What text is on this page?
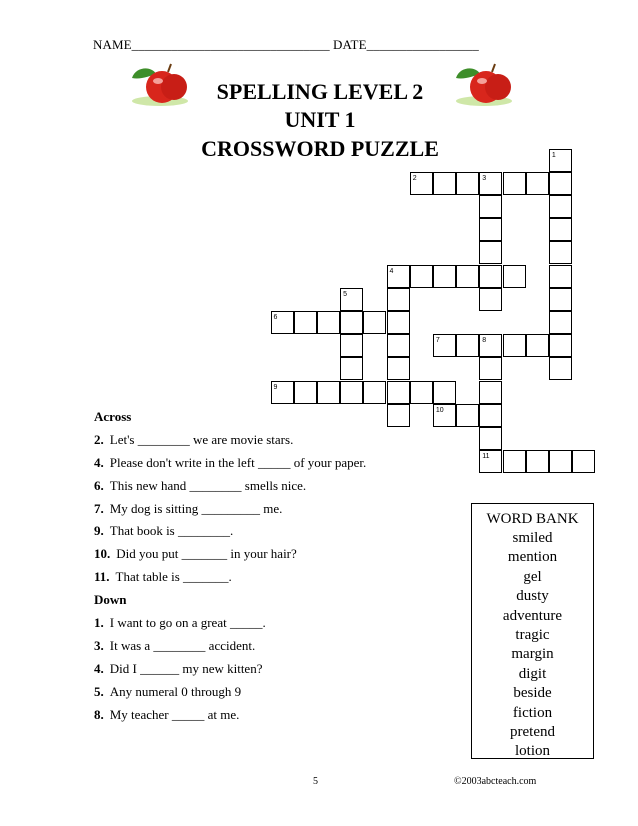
NAME______________________________ DATE_________________
SPELLING LEVEL 2
UNIT 1
CROSSWORD PUZZLE	1
2	3
4
5
6
7	8
9
10
11
Across
2. Let's ________ we are movie stars.
4. Please don't write in the left _____ of your paper.
6. This new hand ________ smells nice.
7. My dog is sitting _________ me.
9. That book is ________.
10. Did you put _______ in your hair?
11. That table is _______.
Down
1. I want to go on a great _____.
3. It was a ________ accident.
4. Did I ______ my new kitten?
5. Any numeral 0 through 9
8. My teacher _____ at me.
WORD BANK
smiled
mention
gel
dusty
adventure
tragic
margin
digit
beside
fiction
pretend
lotion
5	©2003abcteach.com
